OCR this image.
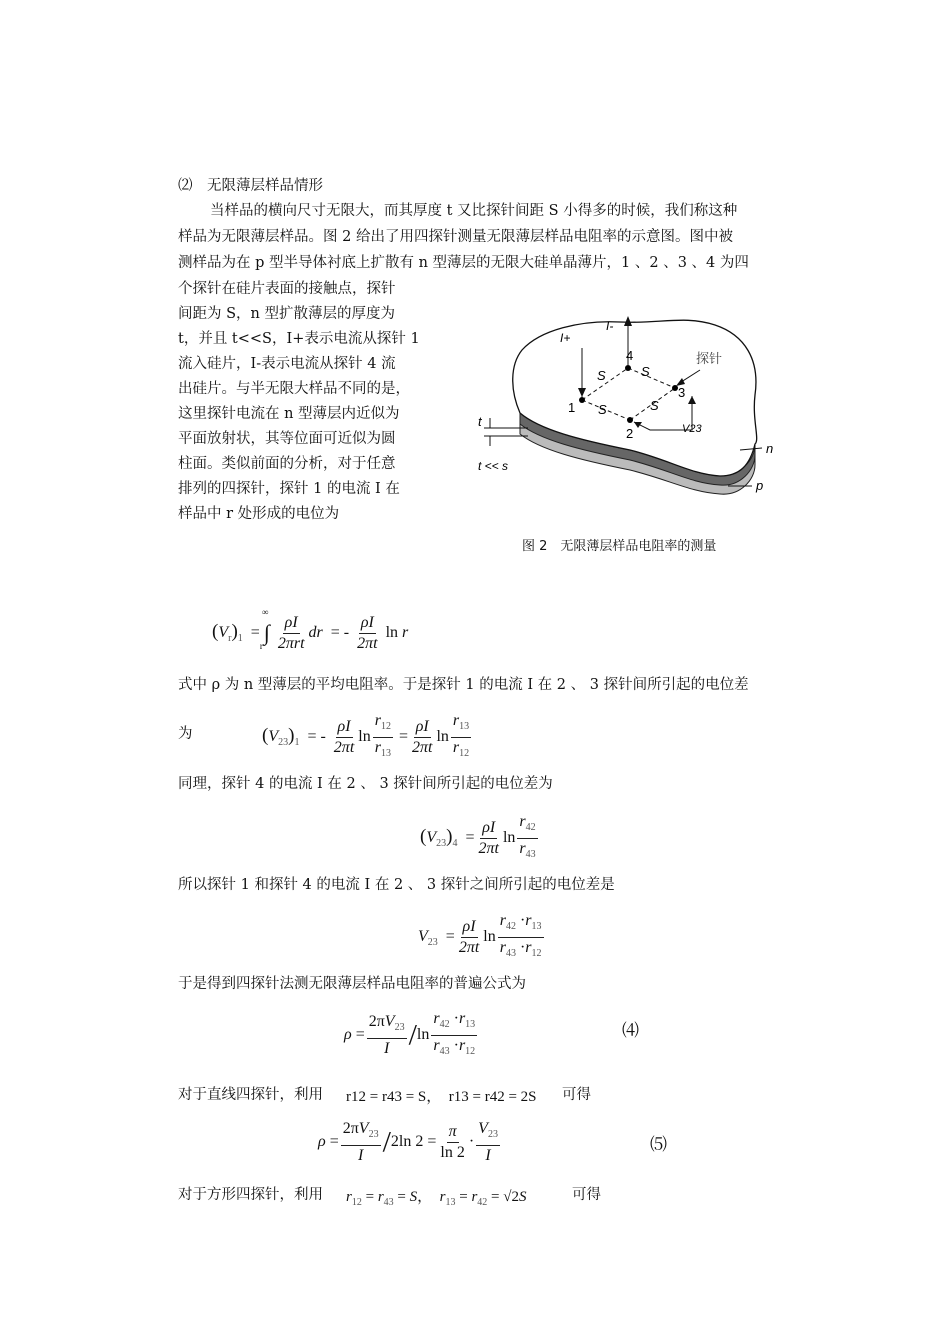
⑵　无限薄层样品情形
当样品的横向尺寸无限大，而其厚度 t 又比探针间距 S 小得多的时候，我们称这种
样品为无限薄层样品。图 2 给出了用四探针测量无限薄层样品电阻率的示意图。图中被
测样品为在 p 型半导体衬底上扩散有 n 型薄层的无限大硅单晶薄片，1 、2 、3 、4 为四
个探针在硅片表面的接触点，探针
间距为 S，n 型扩散薄层的厚度为
t，并且 t<<S，I+表示电流从探针 1
流入硅片，I-表示电流从探针 4 流
出硅片。与半无限大样品不同的是，
这里探针电流在 n 型薄层内近似为
平面放射状，其等位面可近似为圆
柱面。类似前面的分析，对于任意
排列的四探针，探针 1 的电流 I 在
样品中 r 处形成的电位为
1
2
3
4
S	S
S	S
I+
I-
探针
V23
t
t << s
n
p
图 2　无限薄层样品电阻率的测量
$(V_r)_1$  = ∫
∞
r
$\frac{\rho I}{\text{2πrt}}$ dr  = - $\frac{\rho I}{2\pi t}$ ln r
式中 ρ 为 n 型薄层的平均电阻率。于是探针 1 的电流 I 在 2 、 3 探针间所引起的电位差
为	$(V_{23})_1$  = - $\frac{\rho I}{2\pi t}$ $\ln \frac{r_{12}}{r_{13}} = \frac{\rho I}{2\pi t}$ $\ln \frac{r_{13}}{r_{12}}$
同理，探针 4 的电流 I 在 2 、 3 探针间所引起的电位差为
$(V_{23})_4 = \frac{\rho I}{2\pi t}$ $\ln \frac{r_{42}}{r_{43}}$
所以探针 1 和探针 4 的电流 I 在 2 、 3 探针之间所引起的电位差是
$V_{23} = \frac{\rho I}{2\pi t}$ $\ln \frac{r_{42} \cdot r_{13}}{r_{43} \cdot r_{12}}$
于是得到四探针法测无限薄层样品电阻率的普遍公式为
$\rho = \frac{2\pi V_{23}}{I} /\ln \frac{r_{42} \cdot r_{13}}{r_{43} \cdot r_{12}}$	⑷
对于直线四探针，利用 r12 = r43 = S，　r13 = r42 = 2S 可得
$\rho = \frac{2\pi V_{23}}{I} /2\ln$ $2 = \frac{\pi}{\ln 2} \cdot \frac{V_{23}}{I}$	⑸
对于方形四探针，利用 $r_{12} = r_{43} = S$，　$r_{13} = r_{42} = √2S$	可得
